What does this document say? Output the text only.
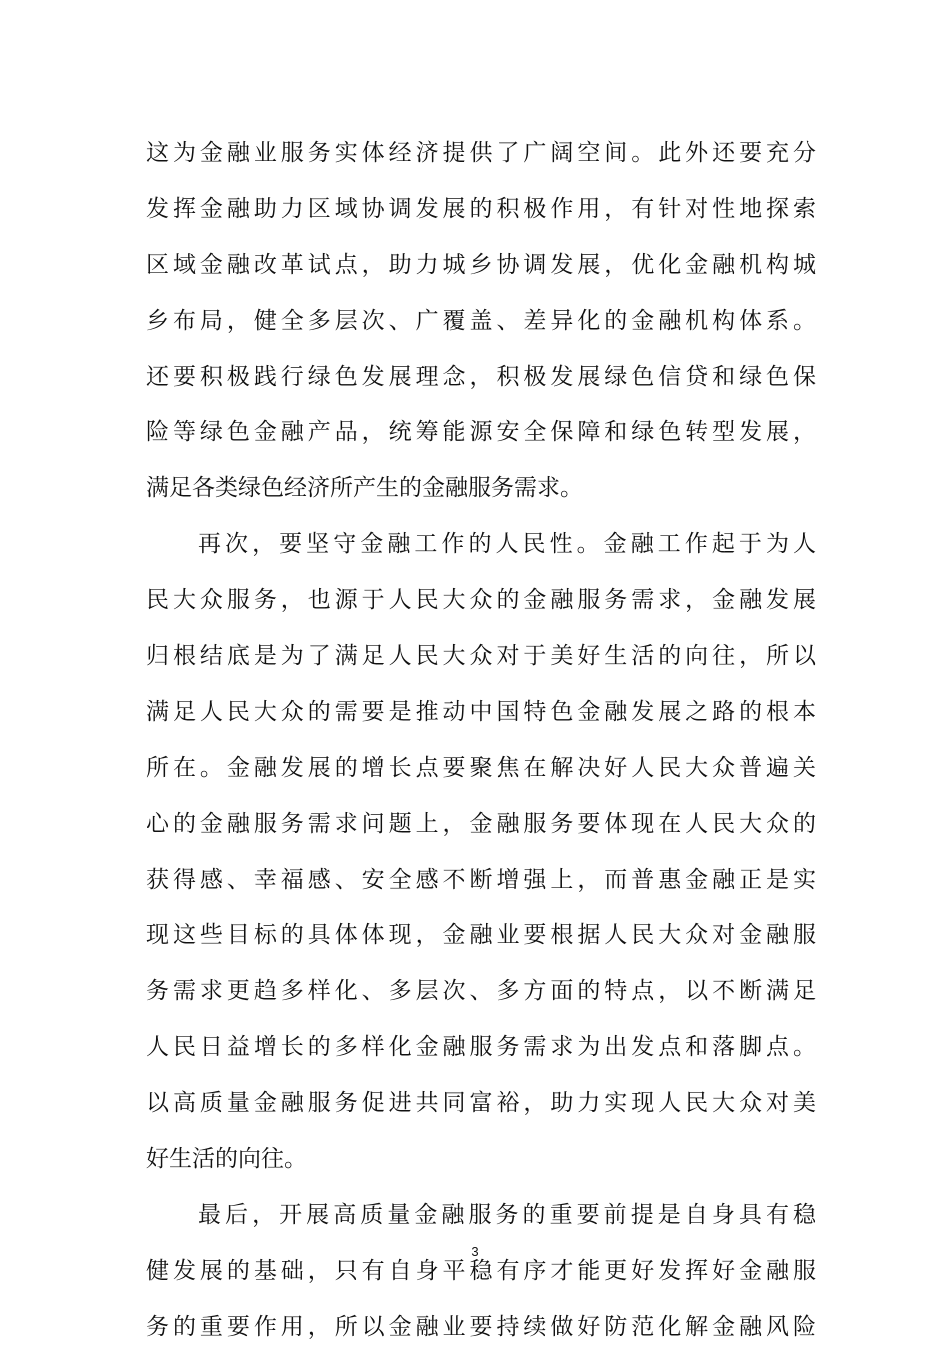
这为金融业服务实体经济提供了广阔空间。此外还要充分
发挥金融助力区域协调发展的积极作用，有针对性地探索
区域金融改革试点，助力城乡协调发展，优化金融机构城
乡布局，健全多层次、广覆盖、差异化的金融机构体系。
还要积极践行绿色发展理念，积极发展绿色信贷和绿色保
险等绿色金融产品，统筹能源安全保障和绿色转型发展，
满足各类绿色经济所产生的金融服务需求。
再次，要坚守金融工作的人民性。金融工作起于为人
民大众服务，也源于人民大众的金融服务需求，金融发展
归根结底是为了满足人民大众对于美好生活的向往，所以
满足人民大众的需要是推动中国特色金融发展之路的根本
所在。金融发展的增长点要聚焦在解决好人民大众普遍关
心的金融服务需求问题上，金融服务要体现在人民大众的
获得感、幸福感、安全感不断增强上，而普惠金融正是实
现这些目标的具体体现，金融业要根据人民大众对金融服
务需求更趋多样化、多层次、多方面的特点，以不断满足
人民日益增长的多样化金融服务需求为出发点和落脚点。
以高质量金融服务促进共同富裕，助力实现人民大众对美
好生活的向往。
最后，开展高质量金融服务的重要前提是自身具有稳
健发展的基础，只有自身平稳有序才能更好发挥好金融服
务的重要作用，所以金融业要持续做好防范化解金融风险
3
